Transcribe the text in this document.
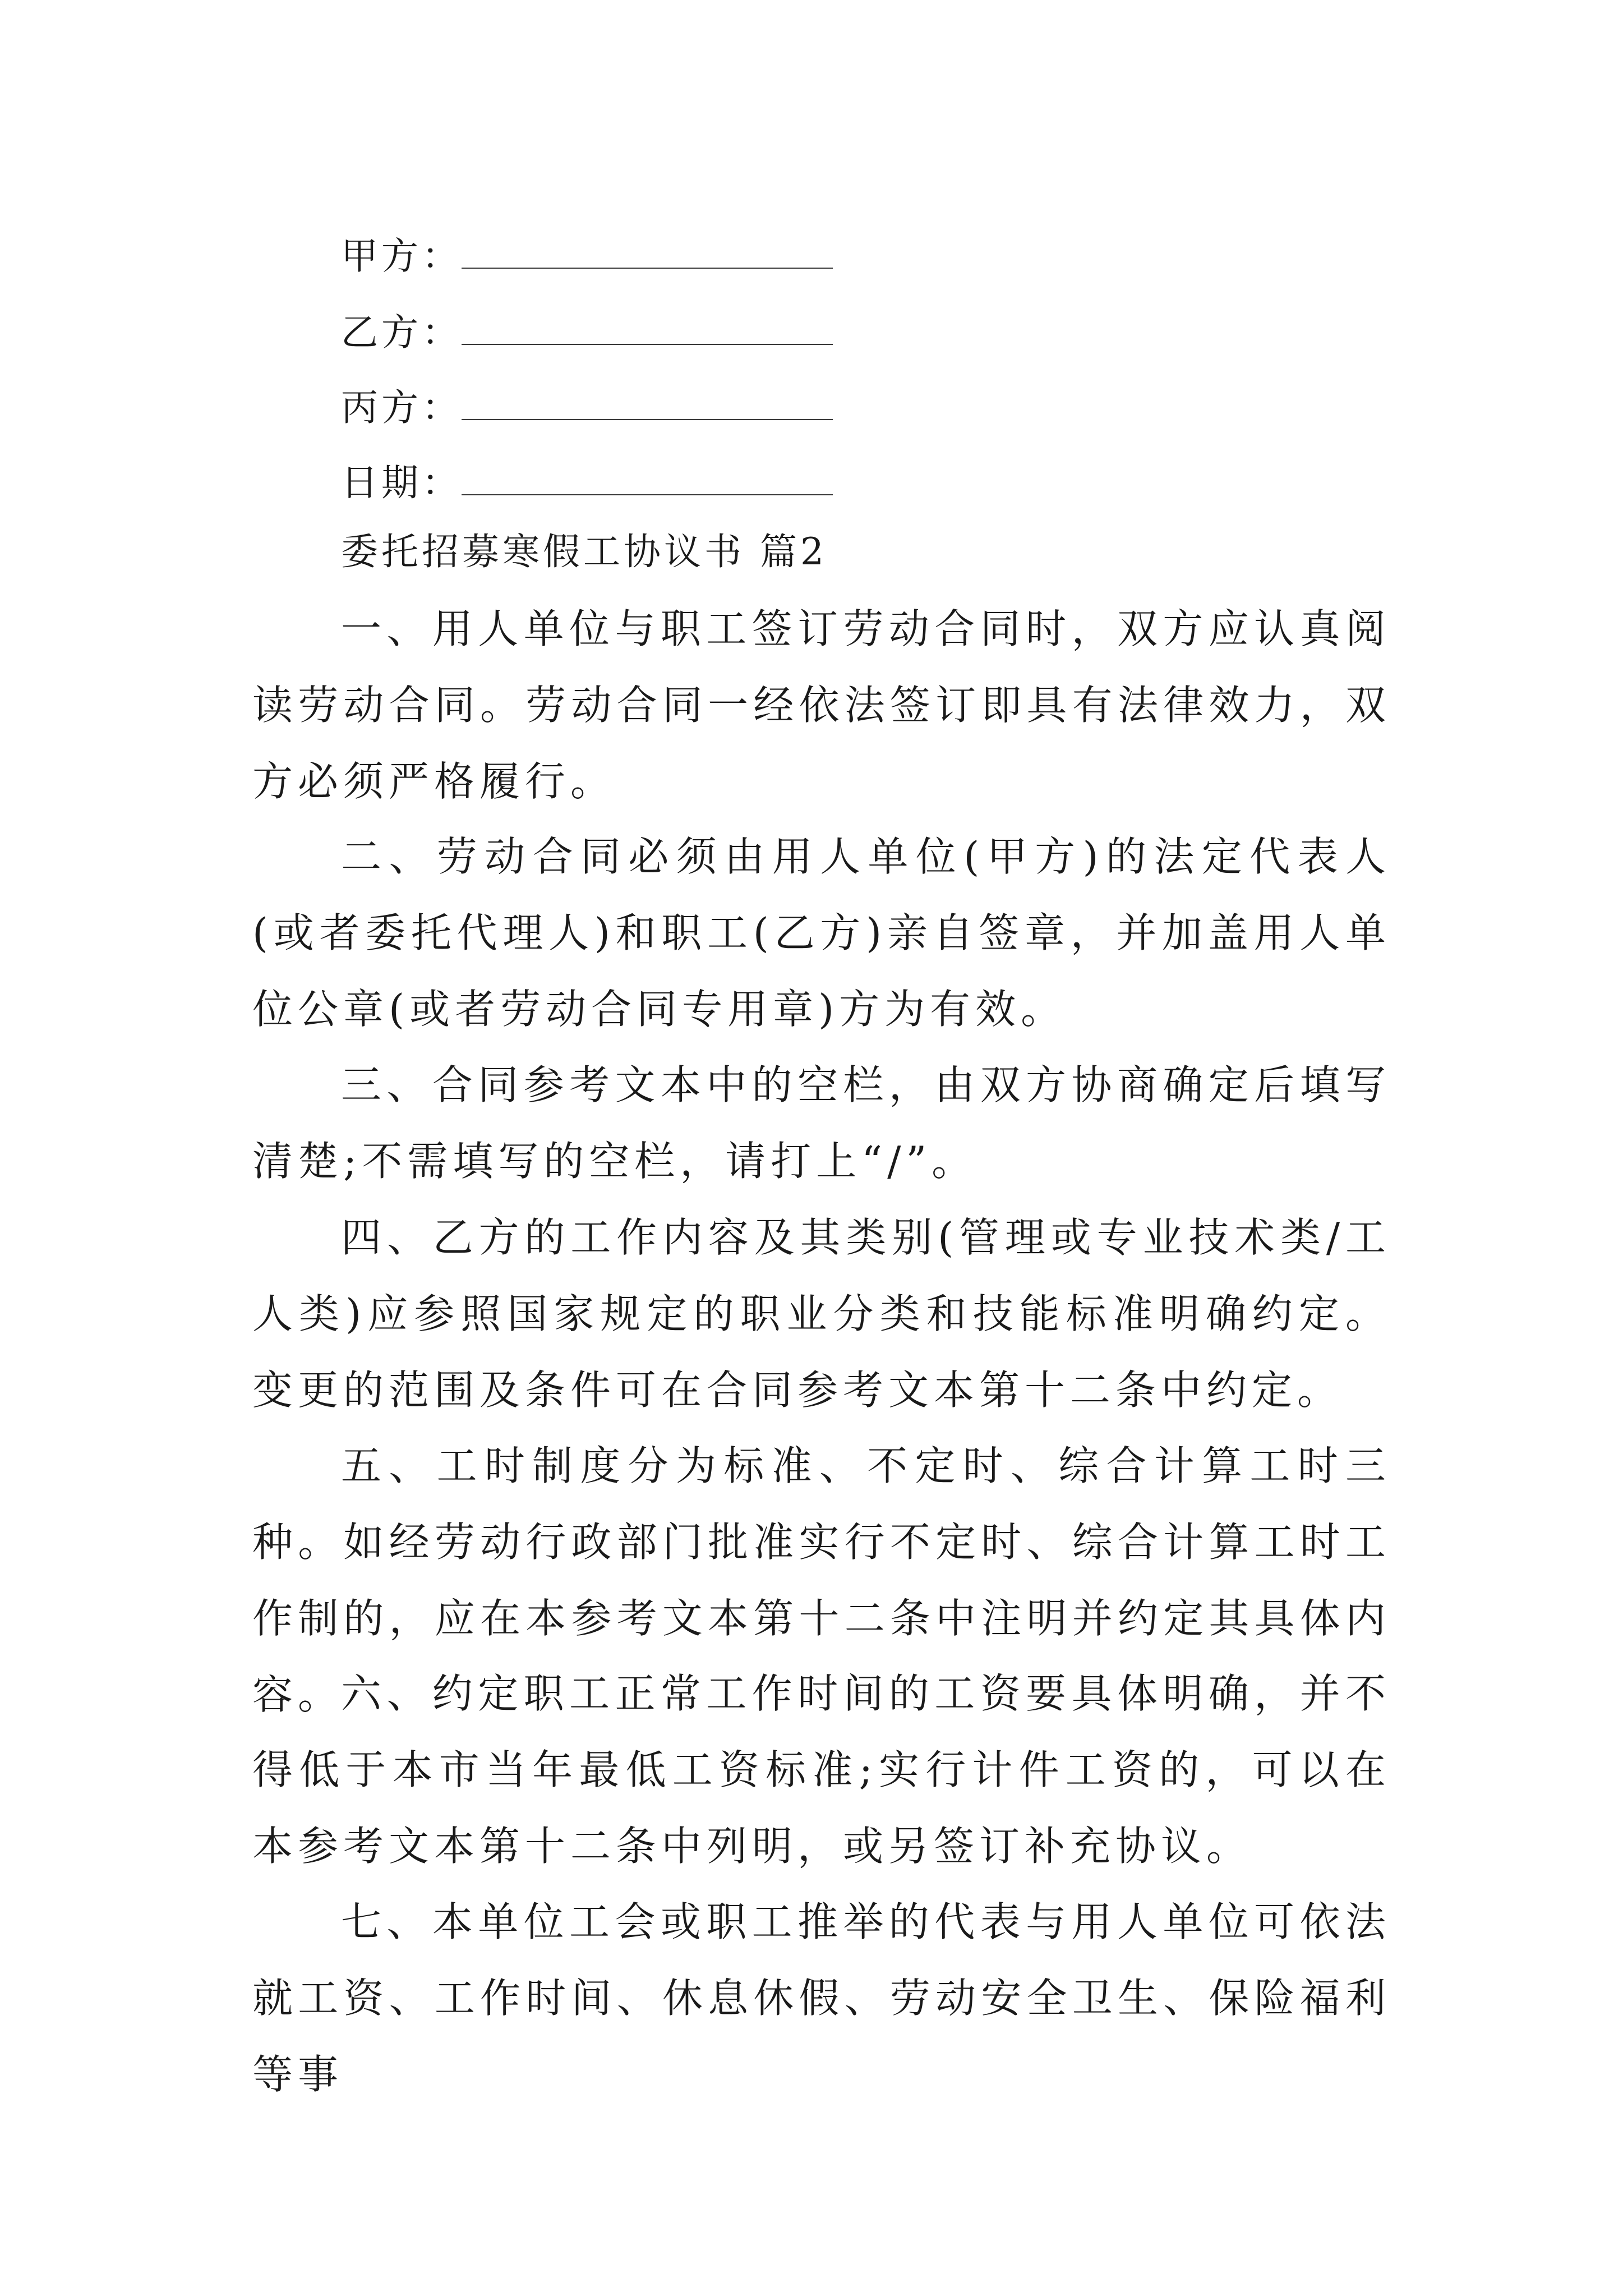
甲方：
乙方：
丙方：
日期：
委托招募寒假工协议书 篇2

一、用人单位与职工签订劳动合同时，双方应认真阅读劳动合同。劳动合同一经依法签订即具有法律效力，双方必须严格履行。

二、劳动合同必须由用人单位(甲方)的法定代表人(或者委托代理人)和职工(乙方)亲自签章，并加盖用人单位公章(或者劳动合同专用章)方为有效。

三、合同参考文本中的空栏，由双方协商确定后填写清楚;不需填写的空栏，请打上“/”。

四、乙方的工作内容及其类别(管理或专业技术类/工人类)应参照国家规定的职业分类和技能标准明确约定。变更的范围及条件可在合同参考文本第十二条中约定。

五、工时制度分为标准、不定时、综合计算工时三种。如经劳动行政部门批准实行不定时、综合计算工时工作制的，应在本参考文本第十二条中注明并约定其具体内容。

六、约定职工正常工作时间的工资要具体明确，并不得低于本市当年最低工资标准;实行计件工资的，可以在本参考文本第十二条中列明，或另签订补充协议。

七、本单位工会或职工推举的代表与用人单位可依法就工资、工作时间、休息休假、劳动安全卫生、保险福利等事
